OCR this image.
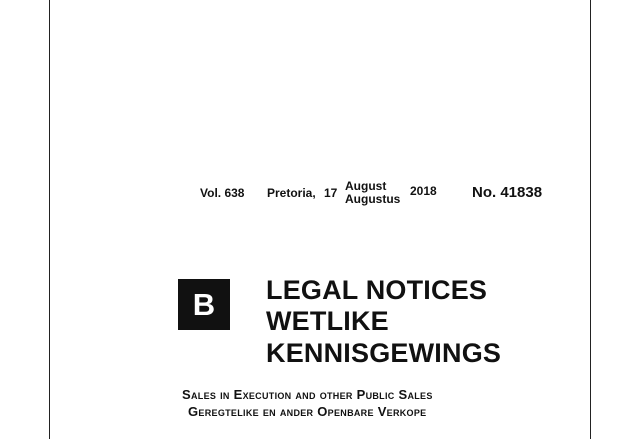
Vol. 638 Pretoria, 17 August
Augustus
2018 No. 41838
B	LEGAL NOTICES
WETLIKE
KENNISGEWINGS
Sales in Execution and other Public Sales
Geregtelike en ander Openbare Verkope
